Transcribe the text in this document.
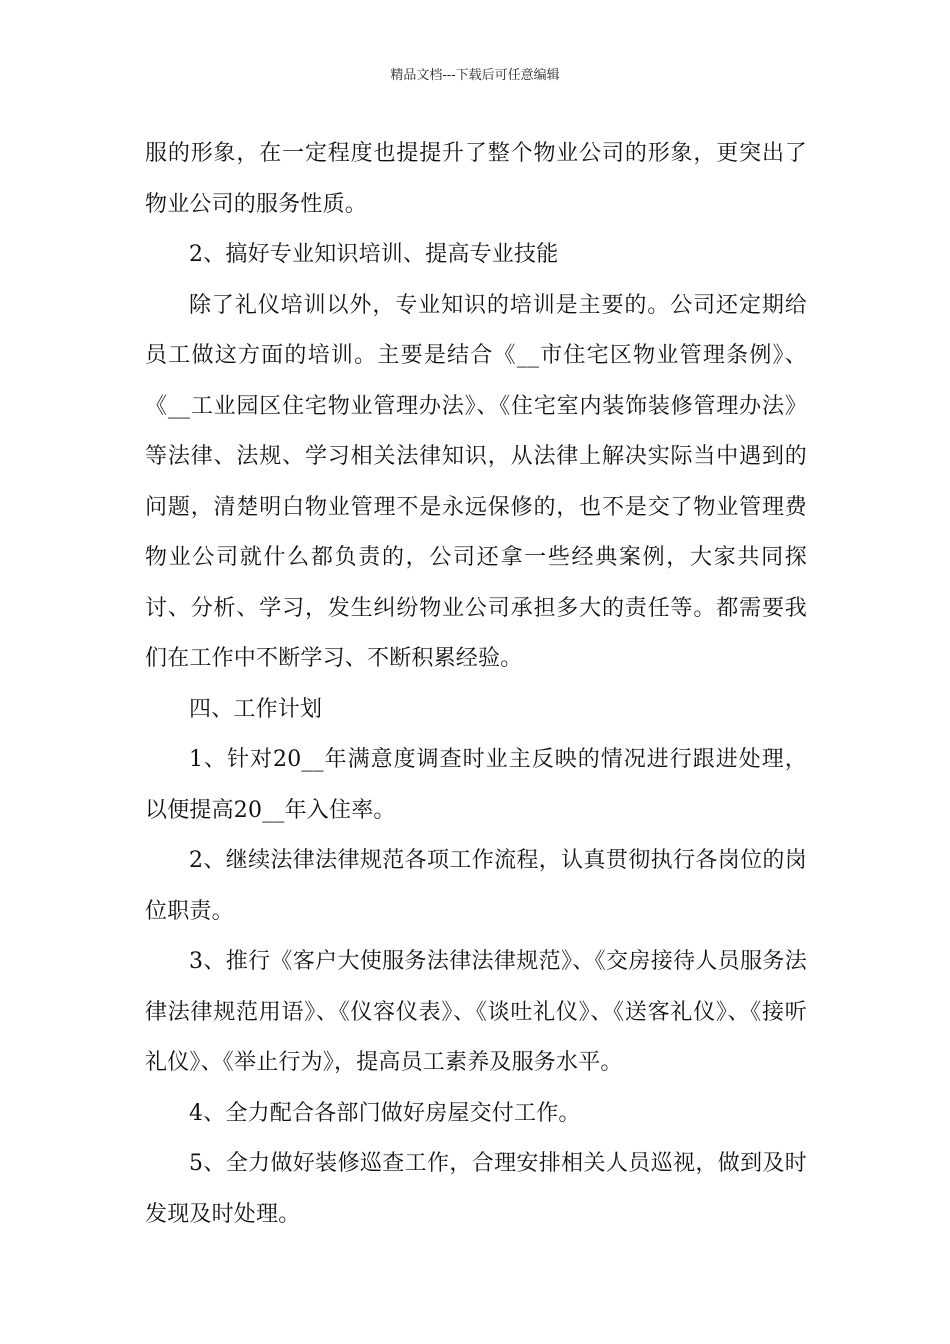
精品文档---下载后可任意编辑

服的形象，在一定程度也提提升了整个物业公司的形象，更突出了物业公司的服务性质。

2、搞好专业知识培训、提高专业技能

除了礼仪培训以外，专业知识的培训是主要的。公司还定期给员工做这方面的培训。主要是结合《__市住宅区物业管理条例》、《__工业园区住宅物业管理办法》、《住宅室内装饰装修管理办法》等法律、法规、学习相关法律知识，从法律上解决实际当中遇到的问题，清楚明白物业管理不是永远保修的，也不是交了物业管理费物业公司就什么都负责的，公司还拿一些经典案例，大家共同探讨、分析、学习，发生纠纷物业公司承担多大的责任等。都需要我们在工作中不断学习、不断积累经验。

四、工作计划

1、针对20__年满意度调查时业主反映的情况进行跟进处理，以便提高20__年入住率。

2、继续法律法律规范各项工作流程，认真贯彻执行各岗位的岗位职责。

3、推行《客户大使服务法律法律规范》、《交房接待人员服务法律法律规范用语》、《仪容仪表》、《谈吐礼仪》、《送客礼仪》、《接听礼仪》、《举止行为》，提高员工素养及服务水平。

4、全力配合各部门做好房屋交付工作。

5、全力做好装修巡查工作，合理安排相关人员巡视，做到及时发现及时处理。
